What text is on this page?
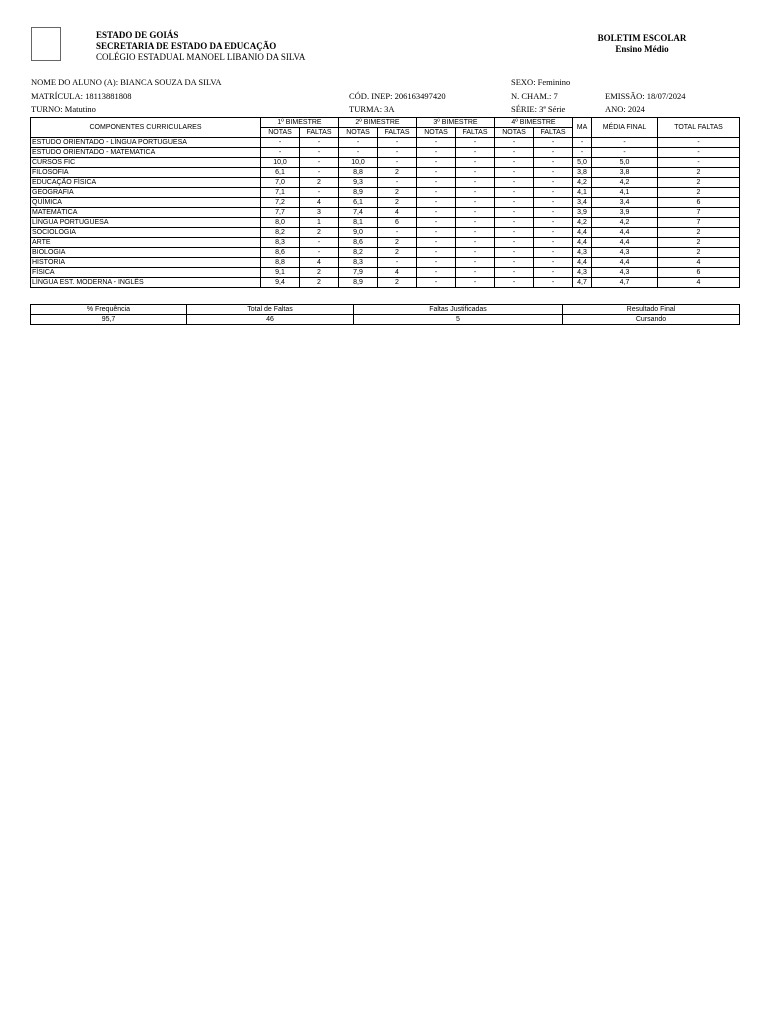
ESTADO DE GOIÁS
SECRETARIA DE ESTADO DA EDUCAÇÃO
COLÉGIO ESTADUAL MANOEL LIBANIO DA SILVA
BOLETIM ESCOLAR
Ensino Médio
NOME DO ALUNO (A): BIANCA SOUZA DA SILVA	SEXO: Feminino
MATRÍCULA: 18113881808	CÓD. INEP: 206163497420	N. CHAM.: 7	EMISSÃO: 18/07/2024
TURNO: Matutino	TURMA: 3A	SÉRIE: 3ª Série	ANO: 2024
COMPONENTES CURRICULARES	1º BIMESTRE		2º BIMESTRE		3º BIMESTRE		4º BIMESTRE		MA	MÉDIA FINAL	TOTAL FALTAS
	NOTAS	FALTAS	NOTAS	FALTAS	NOTAS	FALTAS	NOTAS	FALTAS			
ESTUDO ORIENTADO - LÍNGUA PORTUGUESA	-	-	-	-	-	-	-	-	-	-	-
ESTUDO ORIENTADO - MATEMATICA	-	-	-	-	-	-	-	-	-	-	-
CURSOS FIC	10,0	-	10,0	-	-	-	-	-	5,0	5,0	-
FILOSOFIA	6,1	-	8,8	2	-	-	-	-	3,8	3,8	2
EDUCAÇÃO FÍSICA	7,0	2	9,3	-	-	-	-	-	4,2	4,2	2
GEOGRAFIA	7,1	-	8,9	2	-	-	-	-	4,1	4,1	2
QUÍMICA	7,2	4	6,1	2	-	-	-	-	3,4	3,4	6
MATEMÁTICA	7,7	3	7,4	4	-	-	-	-	3,9	3,9	7
LÍNGUA PORTUGUESA	8,0	1	8,1	6	-	-	-	-	4,2	4,2	7
SOCIOLOGIA	8,2	2	9,0	-	-	-	-	-	4,4	4,4	2
ARTE	8,3	-	8,6	2	-	-	-	-	4,4	4,4	2
BIOLOGIA	8,6	-	8,2	2	-	-	-	-	4,3	4,3	2
HISTÓRIA	8,8	4	8,3	-	-	-	-	-	4,4	4,4	4
FÍSICA	9,1	2	7,9	4	-	-	-	-	4,3	4,3	6
LÍNGUA EST. MODERNA - INGLÊS	9,4	2	8,9	2	-	-	-	-	4,7	4,7	4
% Frequência	Total de Faltas	Faltas Justificadas	Resultado Final
95,7	46	5	Cursando
